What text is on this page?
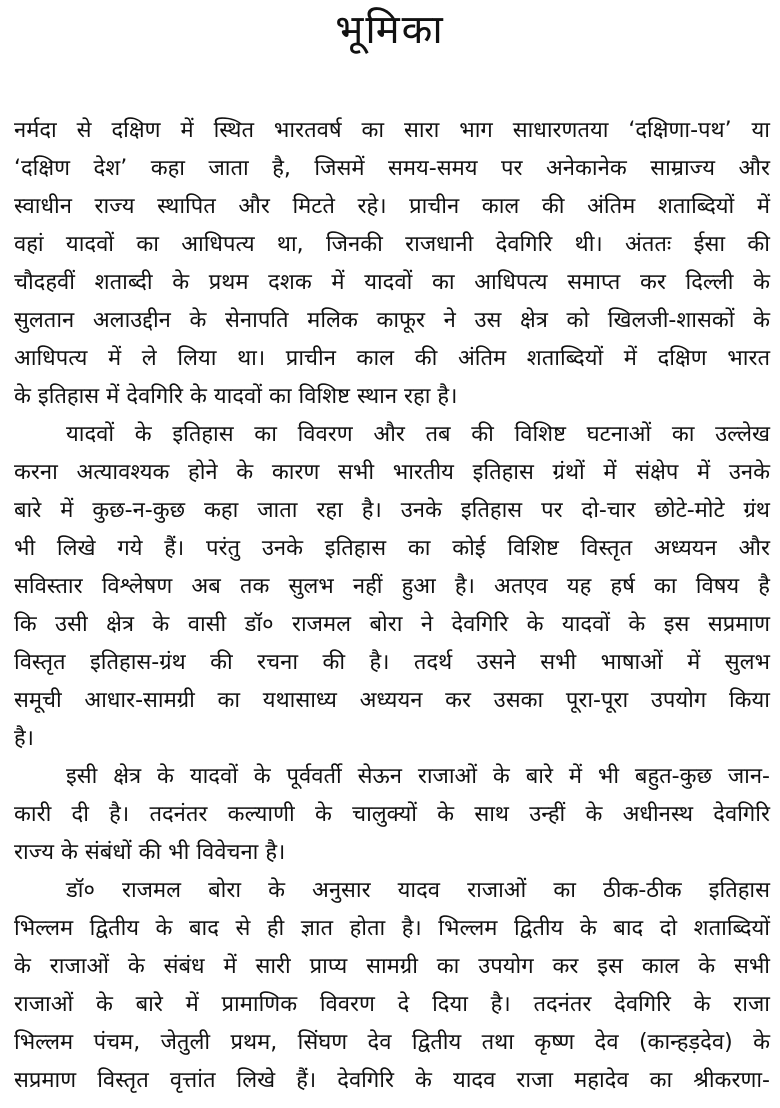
भूमिका
नर्मदा से दक्षिण में स्थित भारतवर्ष का सारा भाग साधारणतया ‘दक्षिणा-पथ’ या
‘दक्षिण देश’ कहा जाता है, जिसमें समय-समय पर अनेकानेक साम्राज्य और
स्वाधीन राज्य स्थापित और मिटते रहे। प्राचीन काल की अंतिम शताब्दियों में
वहां यादवों का आधिपत्य था, जिनकी राजधानी देवगिरि थी। अंततः ईसा की
चौदहवीं शताब्दी के प्रथम दशक में यादवों का आधिपत्य समाप्त कर दिल्ली के
सुलतान अलाउद्दीन के सेनापति मलिक काफूर ने उस क्षेत्र को खिलजी-शासकों के
आधिपत्य में ले लिया था। प्राचीन काल की अंतिम शताब्दियों में दक्षिण भारत
के इतिहास में देवगिरि के यादवों का विशिष्ट स्थान रहा है।
यादवों के इतिहास का विवरण और तब की विशिष्ट घटनाओं का उल्लेख
करना अत्यावश्यक होने के कारण सभी भारतीय इतिहास ग्रंथों में संक्षेप में उनके
बारे में कुछ-न-कुछ कहा जाता रहा है। उनके इतिहास पर दो-चार छोटे-मोटे ग्रंथ
भी लिखे गये हैं। परंतु उनके इतिहास का कोई विशिष्ट विस्तृत अध्ययन और
सविस्तार विश्लेषण अब तक सुलभ नहीं हुआ है। अतएव यह हर्ष का विषय है
कि उसी क्षेत्र के वासी डॉ० राजमल बोरा ने देवगिरि के यादवों के इस सप्रमाण
विस्तृत इतिहास-ग्रंथ की रचना की है। तदर्थ उसने सभी भाषाओं में सुलभ
समूची आधार-सामग्री का यथासाध्य अध्ययन कर उसका पूरा-पूरा उपयोग किया
है।
इसी क्षेत्र के यादवों के पूर्ववर्ती सेऊन राजाओं के बारे में भी बहुत-कुछ जान-
कारी दी है। तदनंतर कल्याणी के चालुक्यों के साथ उन्हीं के अधीनस्थ देवगिरि
राज्य के संबंधों की भी विवेचना है।
डॉ० राजमल बोरा के अनुसार यादव राजाओं का ठीक-ठीक इतिहास
भिल्लम द्वितीय के बाद से ही ज्ञात होता है। भिल्लम द्वितीय के बाद दो शताब्दियों
के राजाओं के संबंध में सारी प्राप्य सामग्री का उपयोग कर इस काल के सभी
राजाओं के बारे में प्रामाणिक विवरण दे दिया है। तदनंतर देवगिरि के राजा
भिल्लम पंचम, जेतुली प्रथम, सिंघण देव द्वितीय तथा कृष्ण देव (कान्हड़देव) के
सप्रमाण विस्तृत वृत्तांत लिखे हैं। देवगिरि के यादव राजा महादेव का श्रीकरणा-
